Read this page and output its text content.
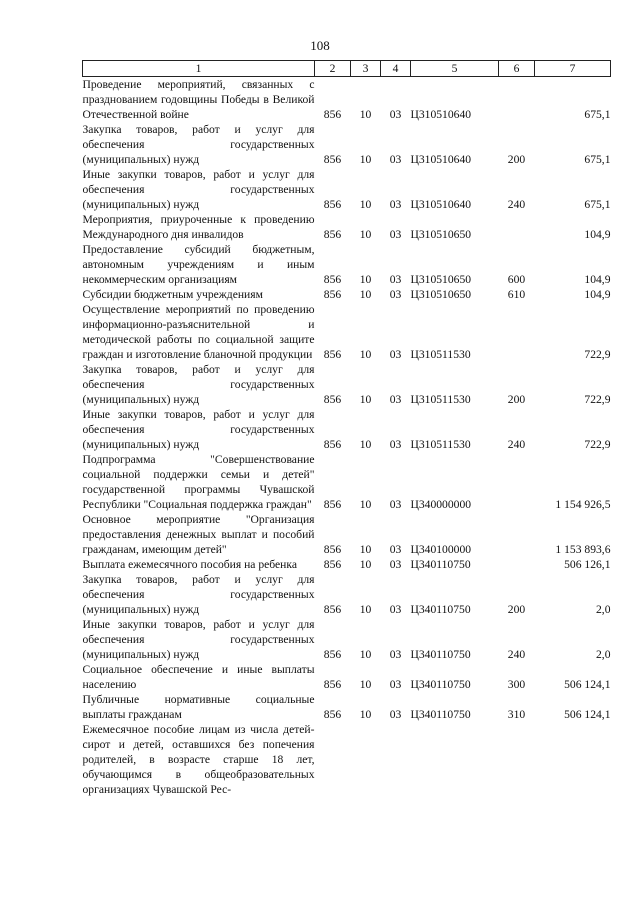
108
1	2	3	4	5	6	7
Проведение мероприятий, связанных с празднованием годовщины Победы в Великой Отечественной войне	856	10	03	Ц310510640		675,1
Закупка товаров, работ и услуг для обеспечения государственных (муниципальных) нужд	856	10	03	Ц310510640	200	675,1
Иные закупки товаров, работ и услуг для обеспечения государственных (муниципальных) нужд	856	10	03	Ц310510640	240	675,1
Мероприятия, приуроченные к проведению Международного дня инвалидов	856	10	03	Ц310510650		104,9
Предоставление субсидий бюджетным, автономным учреждениям и иным некоммерческим организациям	856	10	03	Ц310510650	600	104,9
Субсидии бюджетным учреждениям	856	10	03	Ц310510650	610	104,9
Осуществление мероприятий по проведению информационно-разъяснительной и методической работы по социальной защите граждан и изготовление бланочной продукции	856	10	03	Ц310511530		722,9
Закупка товаров, работ и услуг для обеспечения государственных (муниципальных) нужд	856	10	03	Ц310511530	200	722,9
Иные закупки товаров, работ и услуг для обеспечения государственных (муниципальных) нужд	856	10	03	Ц310511530	240	722,9
Подпрограмма "Совершенствование социальной поддержки семьи и детей" государственной программы Чувашской Республики "Социальная поддержка граждан"	856	10	03	Ц340000000		1 154 926,5
Основное мероприятие "Организация предоставления денежных выплат и пособий гражданам, имеющим детей"	856	10	03	Ц340100000		1 153 893,6
Выплата ежемесячного пособия на ребенка	856	10	03	Ц340110750		506 126,1
Закупка товаров, работ и услуг для обеспечения государственных (муниципальных) нужд	856	10	03	Ц340110750	200	2,0
Иные закупки товаров, работ и услуг для обеспечения государственных (муниципальных) нужд	856	10	03	Ц340110750	240	2,0
Социальное обеспечение и иные выплаты населению	856	10	03	Ц340110750	300	506 124,1
Публичные нормативные социальные выплаты гражданам	856	10	03	Ц340110750	310	506 124,1
Ежемесячное пособие лицам из числа детей-сирот и детей, оставшихся без попечения родителей, в возрасте старше 18 лет, обучающимся в общеобразовательных организациях Чувашской Рес-						
